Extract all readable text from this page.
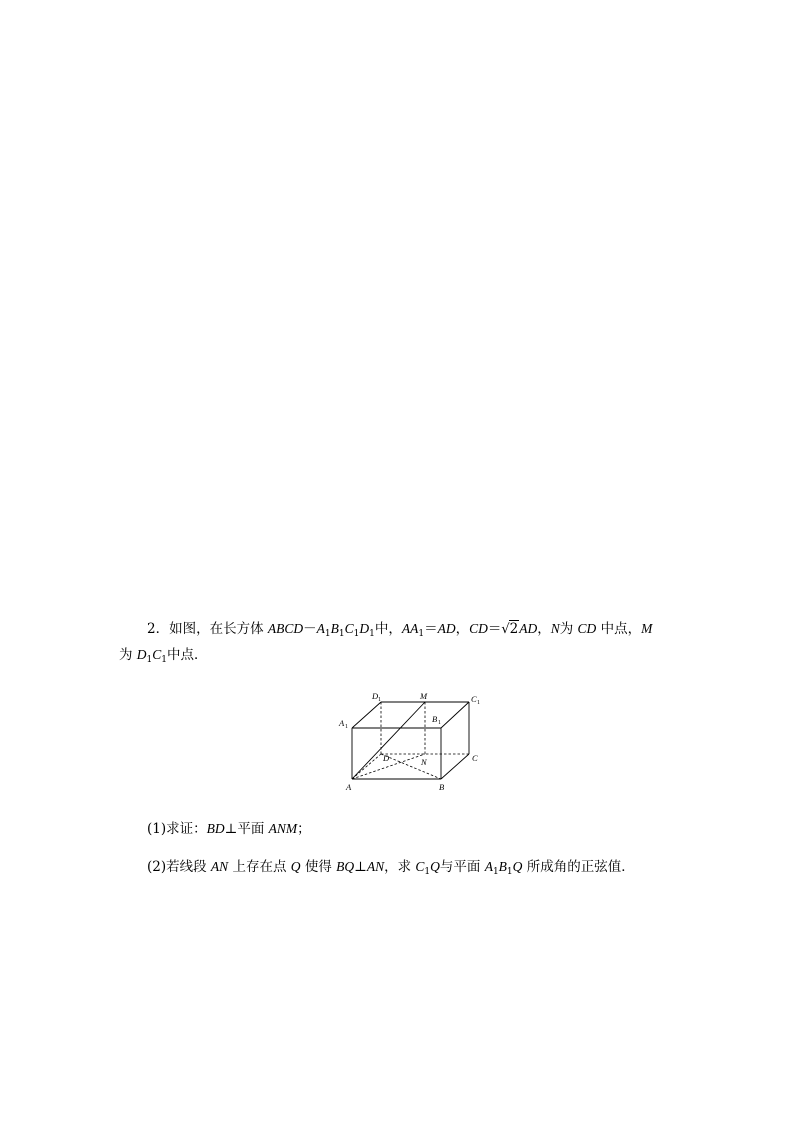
2．如图，在长方体 $ABCD-A_1B_1C_1D_1$中，$AA_1=AD$，CD＝√2AD，N为 CD 中点，M
为 $D_1C_1$中点．
D 1	M	C 1
A 1
B 1
D	N	C
A	B
(1)求证：BD⊥平面 ANM；
(2)若线段 AN 上存在点 Q 使得 BQ⊥AN，求 $C_1Q$与平面 $A_1B_1Q$ 所成角的正弦值．
